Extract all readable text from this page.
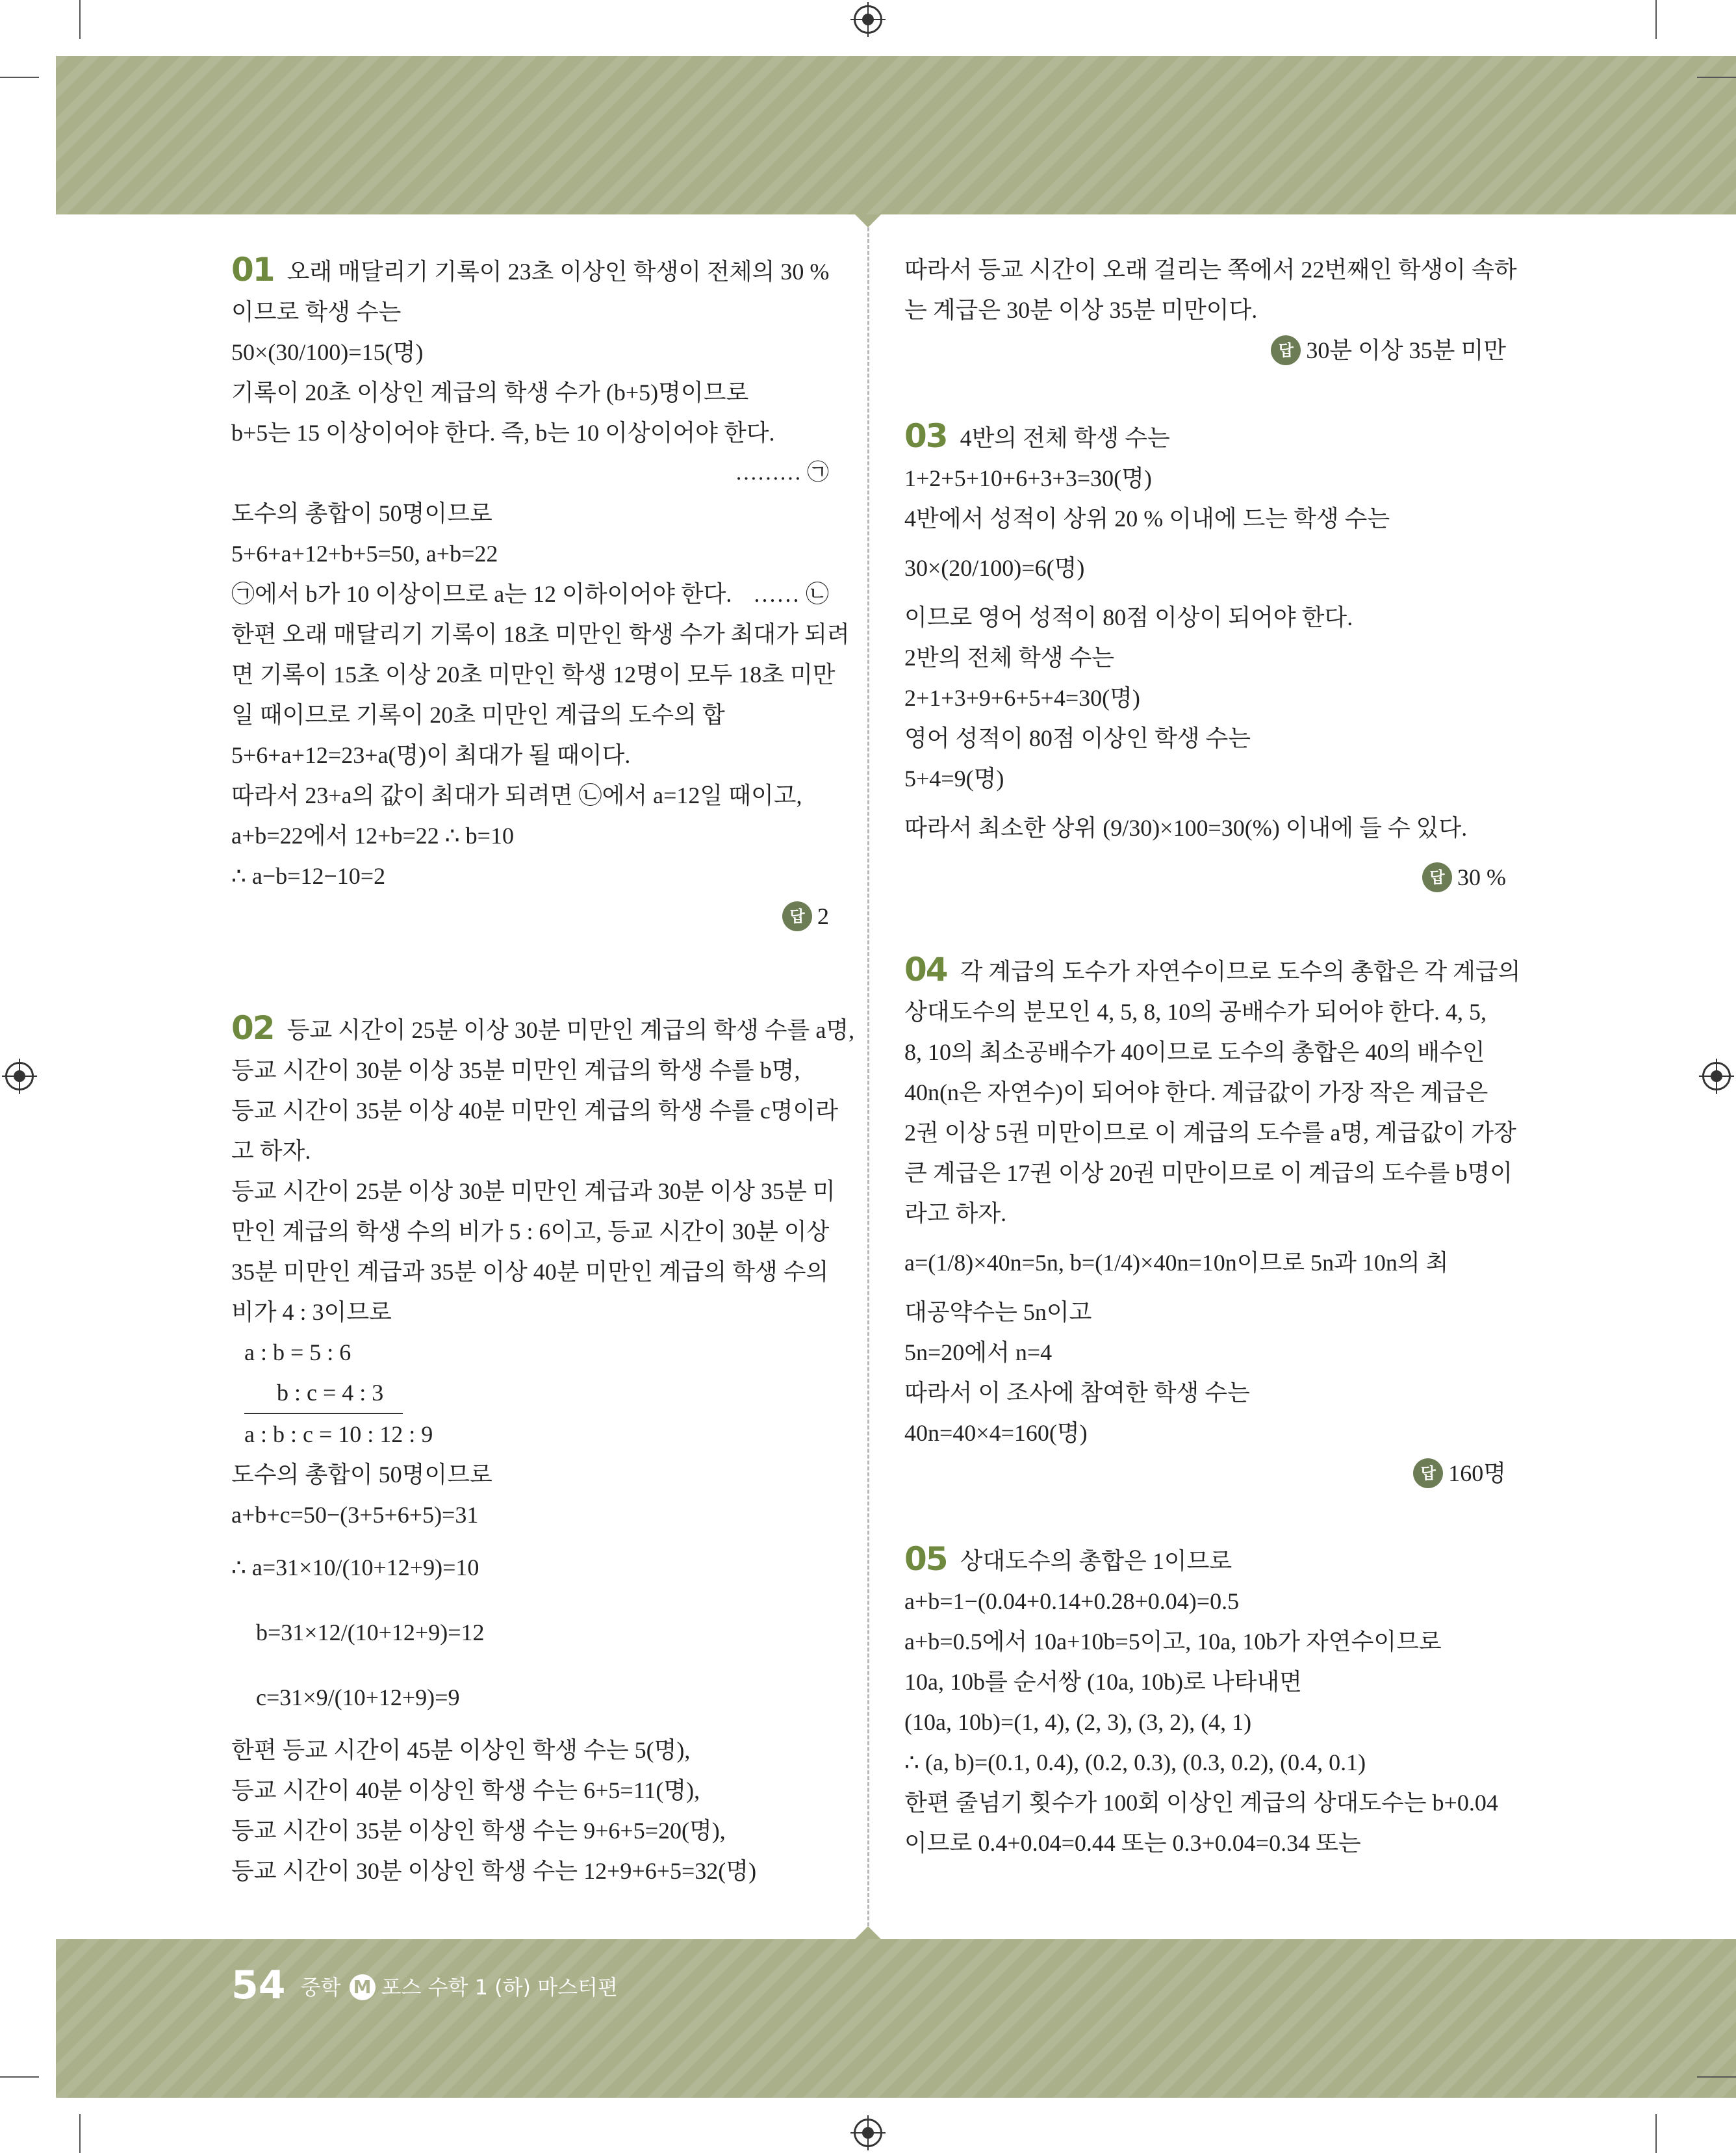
01 오래 매달리기 기록이 23초 이상인 학생이 전체의 30 %
이므로 학생 수는
50×(30/100)=15(명)
기록이 20초 이상인 계급의 학생 수가 (b+5)명이므로
b+5는 15 이상이어야 한다. 즉, b는 10 이상이어야 한다.
……… ㉠
도수의 총합이 50명이므로
5+6+a+12+b+5=50, a+b=22
㉠에서 b가 10 이상이므로 a는 12 이하이어야 한다. …… ㉡
한편 오래 매달리기 기록이 18초 미만인 학생 수가 최대가 되려
면 기록이 15초 이상 20초 미만인 학생 12명이 모두 18초 미만
일 때이므로 기록이 20초 미만인 계급의 도수의 합
5+6+a+12=23+a(명)이 최대가 될 때이다.
따라서 23+a의 값이 최대가 되려면 ㉡에서 a=12일 때이고,
a+b=22에서 12+b=22 ∴ b=10
∴ a−b=12−10=2
답 2
02 등교 시간이 25분 이상 30분 미만인 계급의 학생 수를 a명,
등교 시간이 30분 이상 35분 미만인 계급의 학생 수를 b명,
등교 시간이 35분 이상 40분 미만인 계급의 학생 수를 c명이라
고 하자.
등교 시간이 25분 이상 30분 미만인 계급과 30분 이상 35분 미
만인 계급의 학생 수의 비가 5 : 6이고, 등교 시간이 30분 이상
35분 미만인 계급과 35분 이상 40분 미만인 계급의 학생 수의
비가 4 : 3이므로
a : b = 5 : 6
b : c = 4 : 3
a : b : c = 10 : 12 : 9
도수의 총합이 50명이므로
a+b+c=50−(3+5+6+5)=31
∴ a=31×10/(10+12+9)=10
b=31×12/(10+12+9)=12
c=31×9/(10+12+9)=9
한편 등교 시간이 45분 이상인 학생 수는 5(명),
등교 시간이 40분 이상인 학생 수는 6+5=11(명),
등교 시간이 35분 이상인 학생 수는 9+6+5=20(명),
등교 시간이 30분 이상인 학생 수는 12+9+6+5=32(명)
따라서 등교 시간이 오래 걸리는 쪽에서 22번째인 학생이 속하
는 계급은 30분 이상 35분 미만이다.
답 30분 이상 35분 미만
03 4반의 전체 학생 수는
1+2+5+10+6+3+3=30(명)
4반에서 성적이 상위 20 % 이내에 드는 학생 수는
30×(20/100)=6(명)
이므로 영어 성적이 80점 이상이 되어야 한다.
2반의 전체 학생 수는
2+1+3+9+6+5+4=30(명)
영어 성적이 80점 이상인 학생 수는
5+4=9(명)
따라서 최소한 상위 (9/30)×100=30(%) 이내에 들 수 있다.
답 30 %
04 각 계급의 도수가 자연수이므로 도수의 총합은 각 계급의
상대도수의 분모인 4, 5, 8, 10의 공배수가 되어야 한다. 4, 5,
8, 10의 최소공배수가 40이므로 도수의 총합은 40의 배수인
40n(n은 자연수)이 되어야 한다. 계급값이 가장 작은 계급은
2권 이상 5권 미만이므로 이 계급의 도수를 a명, 계급값이 가장
큰 계급은 17권 이상 20권 미만이므로 이 계급의 도수를 b명이
라고 하자.
a=(1/8)×40n=5n, b=(1/4)×40n=10n이므로 5n과 10n의 최
대공약수는 5n이고
5n=20에서 n=4
따라서 이 조사에 참여한 학생 수는
40n=40×4=160(명)
답 160명
05 상대도수의 총합은 1이므로
a+b=1−(0.04+0.14+0.28+0.04)=0.5
a+b=0.5에서 10a+10b=5이고, 10a, 10b가 자연수이므로
10a, 10b를 순서쌍 (10a, 10b)로 나타내면
(10a, 10b)=(1, 4), (2, 3), (3, 2), (4, 1)
∴ (a, b)=(0.1, 0.4), (0.2, 0.3), (0.3, 0.2), (0.4, 0.1)
한편 줄넘기 횟수가 100회 이상인 계급의 상대도수는 b+0.04
이므로 0.4+0.04=0.44 또는 0.3+0.04=0.34 또는
54 중학 M 포스 수학 1 (하) 마스터편
